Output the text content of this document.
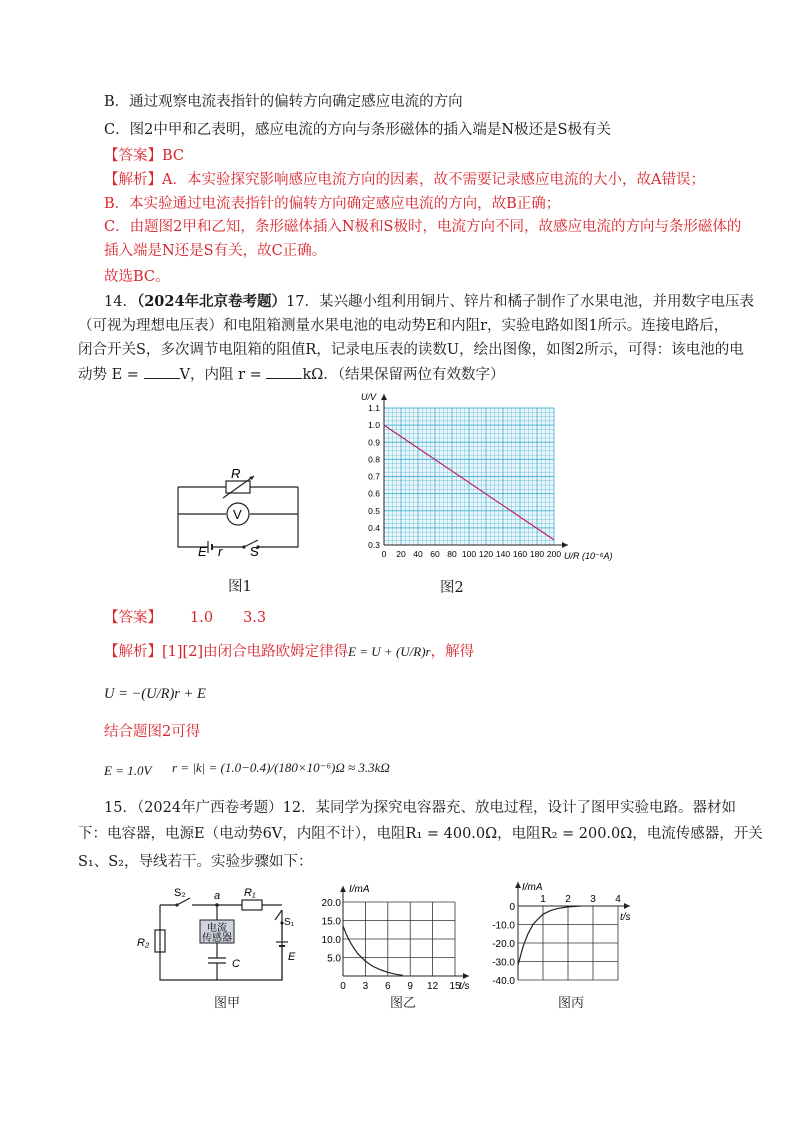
B．通过观察电流表指针的偏转方向确定感应电流的方向
C．图2中甲和乙表明，感应电流的方向与条形磁体的插入端是N极还是S极有关
【答案】BC
【解析】A．本实验探究影响感应电流方向的因素，故不需要记录感应电流的大小，故A错误；
B．本实验通过电流表指针的偏转方向确定感应电流的方向，故B正确；
C．由题图2甲和乙知，条形磁体插入N极和S极时，电流方向不同，故感应电流的方向与条形磁体的
插入端是N还是S有关，故C正确。
故选BC。
14．（2024年北京卷考题）17．某兴趣小组利用铜片、锌片和橘子制作了水果电池，并用数字电压表
（可视为理想电压表）和电阻箱测量水果电池的电动势E和内阻r，实验电路如图1所示。连接电路后，
闭合开关S，多次调节电阻箱的阻值R，记录电压表的读数U，绘出图像，如图2所示，可得：该电池的电
动势 E = V，内阻 r = kΩ．（结果保留两位有效数字）
R
V
E r S
图1
0.3
0.4
0.5
0.6
0.7
0.8
0.9
1.0
1.1
0 20 40 60 80 100 120 140 160 180 200
U/V
U/R (10⁻⁶A)
图2
【答案】 1.0 3.3
【解析】[1][2]由闭合电路欧姆定律得E = U + (U/R)r，解得
U = −(U/R)r + E
结合题图2可得
E = 1.0V r = |k| = (1.0−0.4)/(180×10⁻⁶)Ω ≈ 3.3kΩ
15．（2024年广西卷考题）12．某同学为探究电容器充、放电过程，设计了图甲实验电路。器材如
下：电容器，电源E（电动势6V，内阻不计），电阻R₁ = 400.0Ω，电阻R₂ = 200.0Ω，电流传感器，开关
S₁、S₂，导线若干。实验步骤如下：
S₂	a R₁
S₁
R₂
电流
传感器
C
E
图甲
20.0
15.0
10.0
5.0
0 3 6 9 12 15
I/mA
t/s
图乙
0
-10.0
-20.0
-30.0
-40.0
1 2 3 4
I/mA
t/s
图丙
